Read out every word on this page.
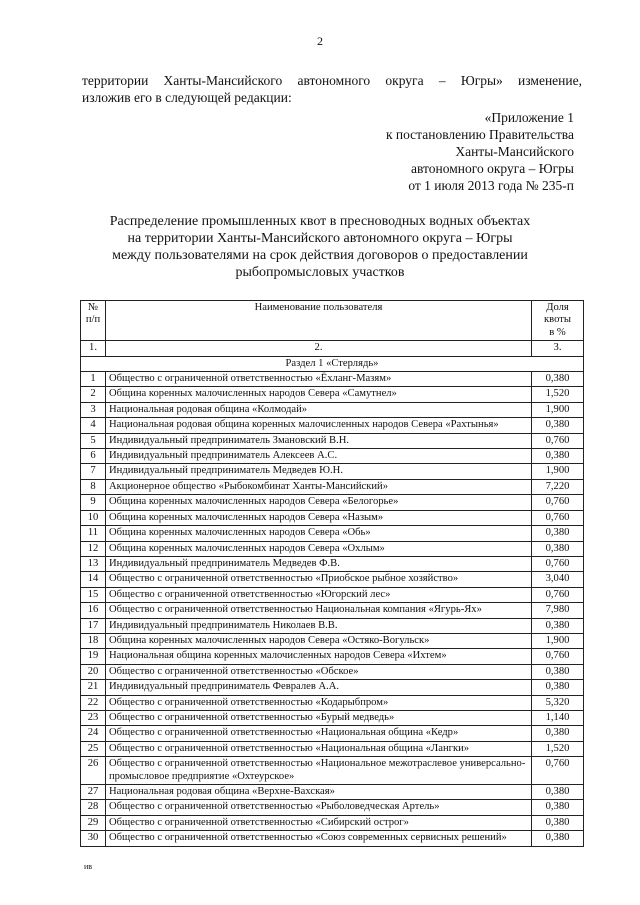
2
территории Ханты-Мансийского автономного округа – Югры» изменение,
изложив его в следующей редакции:
«Приложение 1
к постановлению Правительства
Ханты-Мансийского
автономного округа – Югры
от 1 июля 2013 года № 235-п
Распределение промышленных квот в пресноводных водных объектах
на территории Ханты-Мансийского автономного округа – Югры
между пользователями на срок действия договоров о предоставлении
рыбопромысловых участков
№ п/п	Наименование пользователя	Доля
квоты
в %

1.	2.	3.
Раздел 1 «Стерлядь»		
1	Общество с ограниченной ответственностью «Ёхланг-Мазям»	0,380
2	Община коренных малочисленных народов Севера «Самутнел»	1,520
3	Национальная родовая община «Колмодай»	1,900
4	Национальная родовая община коренных малочисленных народов Севера «Рахтынья»	0,380
5	Индивидуальный предприниматель Змановский В.Н.	0,760
6	Индивидуальный предприниматель Алексеев А.С.	0,380
7	Индивидуальный предприниматель Медведев Ю.Н.	1,900
8	Акционерное общество «Рыбокомбинат Ханты-Мансийский»	7,220
9	Община коренных малочисленных народов Севера «Белогорье»	0,760
10	Община коренных малочисленных народов Севера «Назым»	0,760
11	Община коренных малочисленных народов Севера «Обь»	0,380
12	Община коренных малочисленных народов Севера «Охлым»	0,380
13	Индивидуальный предприниматель Медведев Ф.В.	0,760
14	Общество с ограниченной ответственностью «Приобское рыбное хозяйство»	3,040
15	Общество с ограниченной ответственностью «Югорский лес»	0,760
16	Общество с ограниченной ответственностью Национальная компания «Ягурь-Ях»	7,980
17	Индивидуальный предприниматель Николаев В.В.	0,380
18	Община коренных малочисленных народов Севера «Остяко-Вогульск»	1,900
19	Национальная община коренных малочисленных народов Севера «Ихтем»	0,760
20	Общество с ограниченной ответственностью «Обское»	0,380
21	Индивидуальный предприниматель Февралев А.А.	0,380
22	Общество с ограниченной ответственностью «Кодарыбпром»	5,320
23	Общество с ограниченной ответственностью «Бурый медведь»	1,140
24	Общество с ограниченной ответственностью «Национальная община «Кедр»	0,380
25	Общество с ограниченной ответственностью «Национальная община «Лангки»	1,520
26	Общество с ограниченной ответственностью «Национальное межотраслевое универсально-промысловое предприятие «Охтеурское»	0,760
27	Национальная родовая община «Верхне-Вахская»	0,380
28	Общество с ограниченной ответственностью «Рыболоведческая Артель»	0,380
29	Общество с ограниченной ответственностью «Сибирский острог»	0,380
30	Общество с ограниченной ответственностью «Союз современных сервисных решений»	0,380
ив
